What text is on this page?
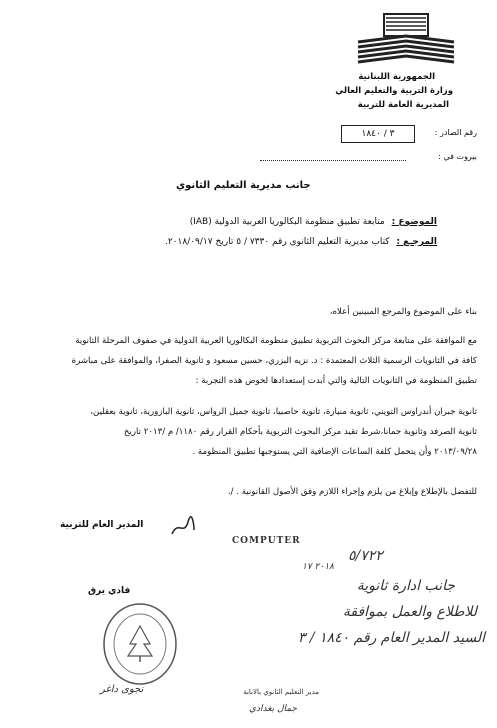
الجمهورية اللبنانية
وزارة التربية والتعليم العالي
المديرية العامة للتربية
رقم الصادر :
٣ / ١٨٤٠
بيروت في :
جانب مديرية التعليم الثانوي
الموضوع : متابعة تطبيق منظومة البكالوريا العربية الدولية (IAB)
المرجـع : كتاب مديرية التعليم الثانوي رقم ٧٣٣٠ / ٥ تاريخ ٢٠١٨/٠٩/١٧.
بناء على الموضوع والمرجع المبينين أعلاه،
مع الموافقة على متابعة مركز البحوث التربوية تطبيق منظومة البكالوريا العربية الدولية في صفوف المرحلة الثانوية
كافة في الثانويات الرسمية الثلاث المعتمدة : د. نزيه البزري، حسين مسعود و ثانوية الصفرا، والموافقة على مباشرة
تطبيق المنظومة في الثانويات التالية والتي أبدت إستعدادها لخوض هذه التجربة :
ثانوية جبران أندراوس التويني، ثانوية منيارة، ثانوية حاصبيا، ثانوية جميل الرواس، ثانوية البازورية، ثانوية بعقلين،
ثانوية الصرفد وثانوية حمانا،شرط تقيد مركز البحوث التربوية بأحكام القرار رقم ١١٨٠/ م /٢٠١٣ تاريخ
٢٠١٣/٠٩/٢٨ وأن يتحمل كلفة الساعات الإضافية التي يستوجبها تطبيق المنظومة .
للتفضل بالإطلاع وإبلاغ من يلزم وإجراء اللازم وفق الأصول القانونية . /.
المدير العام للتربية
فادي يرق
COMPUTER
٢٠١٨ ١٧
٥/٧٢٢
جانب ادارة ثانوية
للاطلاع والعمل بموافقة
السيد المدير العام رقم ١٨٤٠ / ٣
نجوى داغر	مدير التعليم الثانوي بالانابة
جمال بغدادي
